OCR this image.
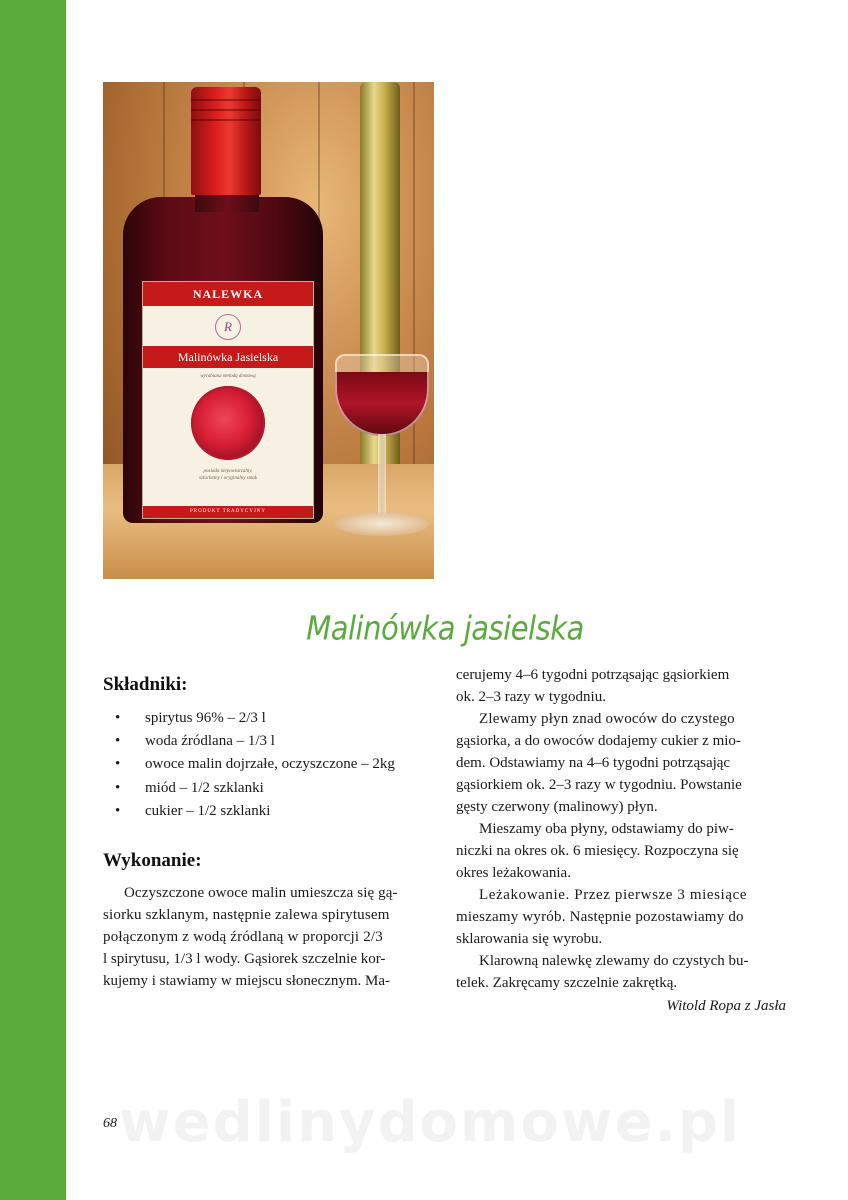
NALEWKA
R
Malinówka Jasielska
wyrabiana metodą domową
posiada niepowtarzalny,
szlachetny i oryginalny smak
PRODUKT TRADYCYJNY
Malinówka jasielska
Składniki:
• spirytus 96% – 2/3 l
• woda źródlana – 1/3 l
• owoce malin dojrzałe, oczyszczone – 2kg
• miód – 1/2 szklanki
• cukier – 1/2 szklanki
Wykonanie:
Oczyszczone owoce malin umieszcza się gą-
siorku szklanym, następnie zalewa spirytusem
połączonym z wodą źródlaną w proporcji 2/3
l spirytusu, 1/3 l wody. Gąsiorek szczelnie kor-
kujemy i stawiamy w miejscu słonecznym. Ma-
cerujemy 4–6 tygodni potrząsając gąsiorkiem
ok. 2–3 razy w tygodniu.
Zlewamy płyn znad owoców do czystego
gąsiorka, a do owoców dodajemy cukier z mio-
dem. Odstawiamy na 4–6 tygodni potrząsając
gąsiorkiem ok. 2–3 razy w tygodniu. Powstanie
gęsty czerwony (malinowy) płyn.
Mieszamy oba płyny, odstawiamy do piw-
niczki na okres ok. 6 miesięcy. Rozpoczyna się
okres leżakowania.
Leżakowanie. Przez pierwsze 3 miesiące
mieszamy wyrób. Następnie pozostawiamy do
sklarowania się wyrobu.
Klarowną nalewkę zlewamy do czystych bu-
telek. Zakręcamy szczelnie zakrętką.
Witold Ropa z Jasła
wedlinydomowe.pl
68
